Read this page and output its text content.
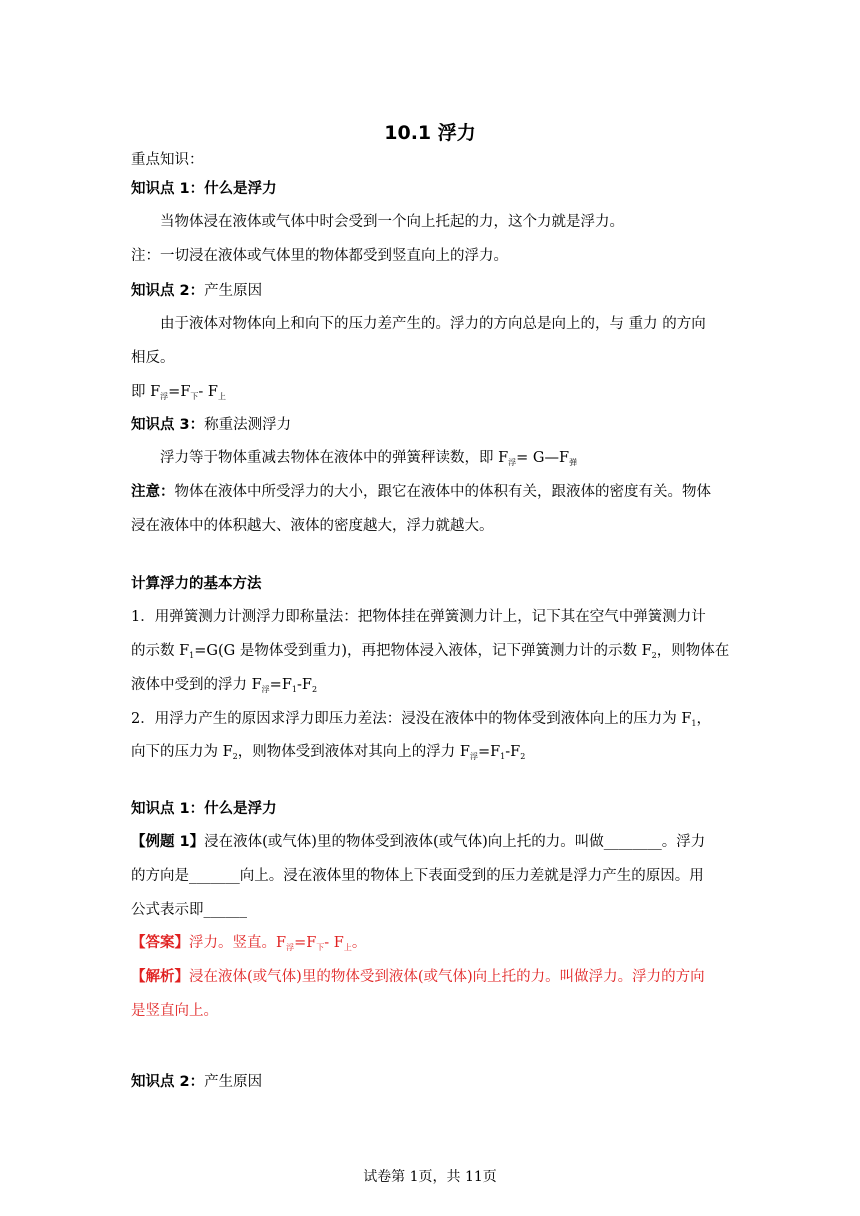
10.1 浮力
重点知识：
知识点 1：什么是浮力
当物体浸在液体或气体中时会受到一个向上托起的力，这个力就是浮力。
注：一切浸在液体或气体里的物体都受到竖直向上的浮力。
知识点 2：产生原因
由于液体对物体向上和向下的压力差产生的。浮力的方向总是向上的，与 重力 的方向
相反。
即 $F_浮=F_下-$ $F_上$
知识点 3：称重法测浮力
浮力等于物体重减去物体在液体中的弹簧秤读数，即 $F_浮=$ $G—F_弹$
注意：物体在液体中所受浮力的大小，跟它在液体中的体积有关，跟液体的密度有关。物体
浸在液体中的体积越大、液体的密度越大，浮力就越大。
计算浮力的基本方法
1．用弹簧测力计测浮力即称量法：把物体挂在弹簧测力计上，记下其在空气中弹簧测力计
的示数 $F_1=G(G$ 是物体受到重力)，再把物体浸入液体，记下弹簧测力计的示数 $F_2$，则物体在
液体中受到的浮力 $F_浮=F_1-F_2$
2．用浮力产生的原因求浮力即压力差法：浸没在液体中的物体受到液体向上的压力为 $F_1$，
向下的压力为 $F_2$，则物体受到液体对其向上的浮力 $F_浮=F_1-F_2$
知识点 1：什么是浮力
【例题 1】浸在液体(或气体)里的物体受到液体(或气体)向上托的力。叫做________。浮力
的方向是_______向上。浸在液体里的物体上下表面受到的压力差就是浮力产生的原因。用
公式表示即______
【答案】浮力。竖直。$F_浮=F_下-$ $F_上$。
【解析】浸在液体(或气体)里的物体受到液体(或气体)向上托的力。叫做浮力。浮力的方向
是竖直向上。
知识点 2：产生原因
试卷第 1页，共 11页
